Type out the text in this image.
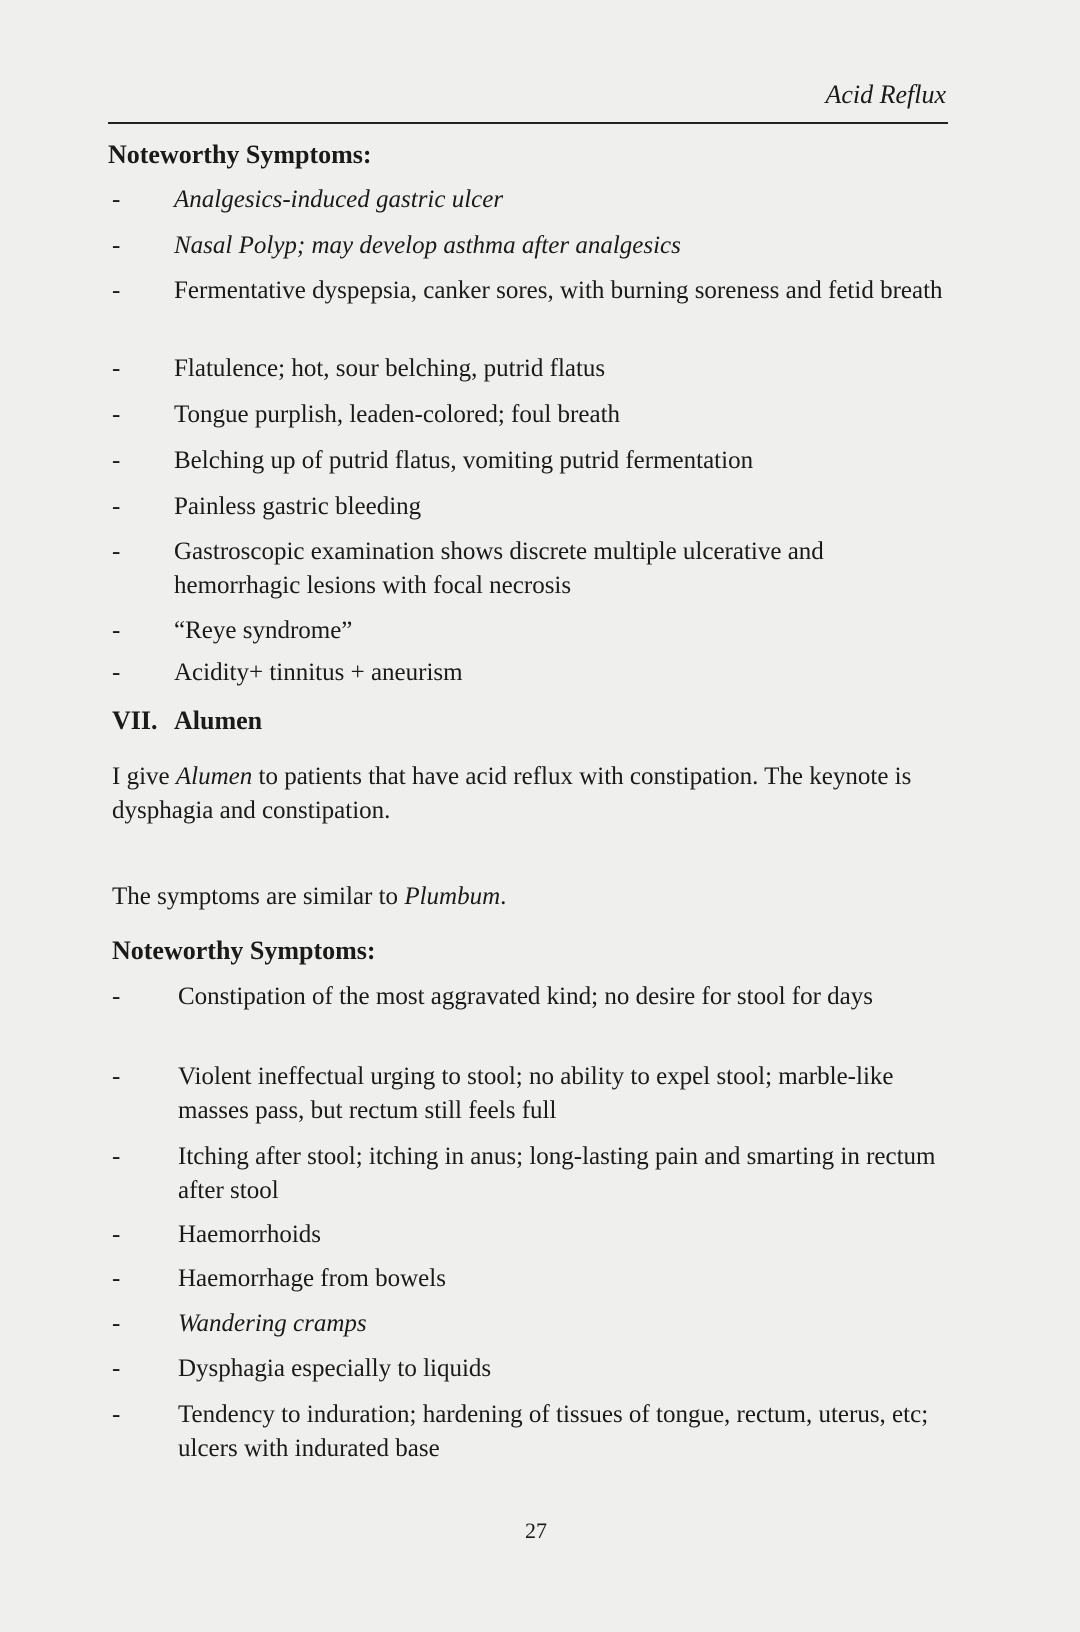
Acid Reflux
Noteworthy Symptoms:
-	Analgesics-induced gastric ulcer
-	Nasal Polyp; may develop asthma after analgesics
-	Fermentative dyspepsia, canker sores, with burning soreness and fetid breath
-	Flatulence; hot, sour belching, putrid flatus
-	Tongue purplish, leaden-colored; foul breath
-	Belching up of putrid flatus, vomiting putrid fermentation
-	Painless gastric bleeding
-	Gastroscopic examination shows discrete multiple ulcerative and hemorrhagic lesions with focal necrosis
-	“Reye syndrome”
-	Acidity+ tinnitus + aneurism
VII. Alumen

I give Alumen to patients that have acid reflux with constipation. The keynote is dysphagia and constipation.

The symptoms are similar to Plumbum.

Noteworthy Symptoms:
-	Constipation of the most aggravated kind; no desire for stool for days
-	Violent ineffectual urging to stool; no ability to expel stool; marble-like masses pass, but rectum still feels full
-	Itching after stool; itching in anus; long-lasting pain and smarting in rectum after stool
-	Haemorrhoids
-	Haemorrhage from bowels
-	Wandering cramps
-	Dysphagia especially to liquids
-	Tendency to induration; hardening of tissues of tongue, rectum, uterus, etc; ulcers with indurated base
27
